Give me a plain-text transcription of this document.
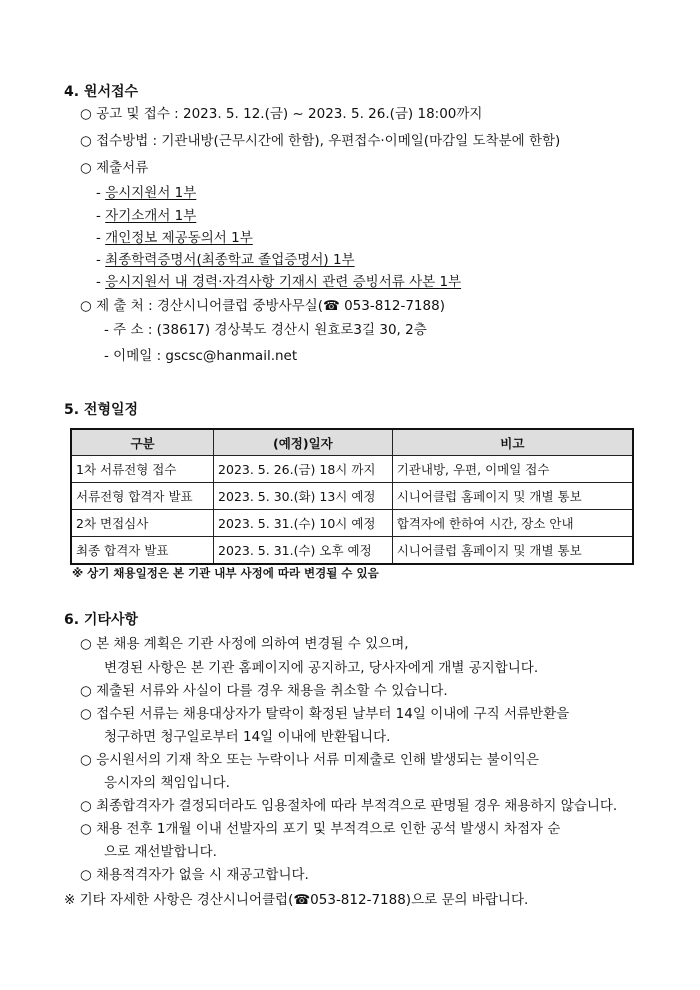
4. 원서접수
○ 공고 및 접수 : 2023. 5. 12.(금) ~ 2023. 5. 26.(금) 18:00까지
○ 접수방법 : 기관내방(근무시간에 한함), 우편접수·이메일(마감일 도착분에 한함)
○ 제출서류
- 응시지원서 1부
- 자기소개서 1부
- 개인정보 제공동의서 1부
- 최종학력증명서(최종학교 졸업증명서) 1부
- 응시지원서 내 경력·자격사항 기재시 관련 증빙서류 사본 1부
○ 제 출 처 : 경산시니어클럽 중방사무실(☎ 053-812-7188)
- 주 소 : (38617) 경상북도 경산시 원효로3길 30, 2층
- 이메일 : gscsc@hanmail.net
5. 전형일정
구분	(예정)일자	비고
1차 서류전형 접수	2023. 5. 26.(금) 18시 까지	기관내방, 우편, 이메일 접수
서류전형 합격자 발표	2023. 5. 30.(화) 13시 예정	시니어클럽 홈페이지 및 개별 통보
2차 면접심사	2023. 5. 31.(수) 10시 예정	합격자에 한하여 시간, 장소 안내
최종 합격자 발표	2023. 5. 31.(수) 오후 예정	시니어클럽 홈페이지 및 개별 통보
※ 상기 채용일정은 본 기관 내부 사정에 따라 변경될 수 있음
6. 기타사항
○ 본 채용 계획은 기관 사정에 의하여 변경될 수 있으며,
변경된 사항은 본 기관 홈페이지에 공지하고, 당사자에게 개별 공지합니다.
○ 제출된 서류와 사실이 다를 경우 채용을 취소할 수 있습니다.
○ 접수된 서류는 채용대상자가 탈락이 확정된 날부터 14일 이내에 구직 서류반환을
청구하면 청구일로부터 14일 이내에 반환됩니다.
○ 응시원서의 기재 착오 또는 누락이나 서류 미제출로 인해 발생되는 불이익은
응시자의 책임입니다.
○ 최종합격자가 결정되더라도 임용절차에 따라 부적격으로 판명될 경우 채용하지 않습니다.
○ 채용 전후 1개월 이내 선발자의 포기 및 부적격으로 인한 공석 발생시 차점자 순
으로 재선발합니다.
○ 채용적격자가 없을 시 재공고합니다.
※ 기타 자세한 사항은 경산시니어클럽(☎053-812-7188)으로 문의 바랍니다.
